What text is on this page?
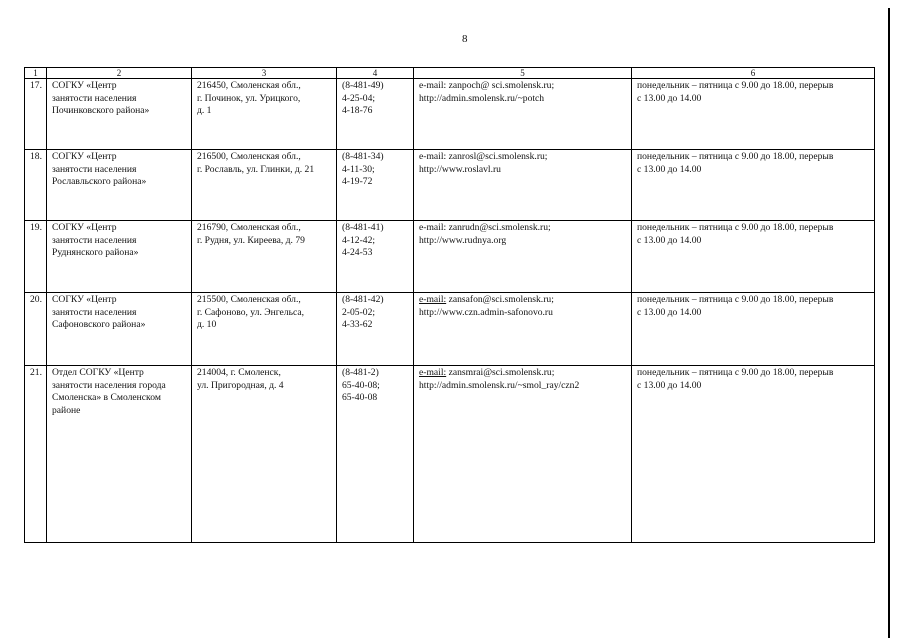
8
1	2	3	4	5	6
17.	СОГКУ «Центр
занятости населения
Починковского района»	216450, Смоленская обл.,
г. Починок, ул. Урицкого,
д. 1	(8-481-49)
4-25-04;
4-18-76	e-mail: zanpoch@ sci.smolensk.ru;
http://admin.smolensk.ru/~potch	понедельник – пятница с 9.00 до 18.00, перерыв
с 13.00 до 14.00

18.	СОГКУ «Центр
занятости населения
Рославльского района»	216500, Смоленская обл.,
г. Рославль, ул. Глинки, д. 21	(8-481-34)
4-11-30;
4-19-72	e-mail: zanrosl@sci.smolensk.ru;
http://www.roslavl.ru	понедельник – пятница с 9.00 до 18.00, перерыв
с 13.00 до 14.00

19.	СОГКУ «Центр
занятости населения
Руднянского района»	216790, Смоленская обл.,
г. Рудня, ул. Киреева, д. 79	(8-481-41)
4-12-42;
4-24-53	e-mail: zanrudn@sci.smolensk.ru;
http://www.rudnya.org	понедельник – пятница с 9.00 до 18.00, перерыв
с 13.00 до 14.00

20.	СОГКУ «Центр
занятости населения
Сафоновского района»	215500, Смоленская обл.,
г. Сафоново, ул. Энгельса,
д. 10	(8-481-42)
2-05-02;
4-33-62	e-mail: zansafon@sci.smolensk.ru;
http://www.czn.admin-safonovo.ru	понедельник – пятница с 9.00 до 18.00, перерыв
с 13.00 до 14.00

21.	Отдел СОГКУ «Центр
занятости населения города
Смоленска» в Смоленском
районе	214004, г. Смоленск,
ул. Пригородная, д. 4	(8-481-2)
65-40-08;
65-40-08	e-mail: zansmrai@sci.smolensk.ru;
http://admin.smolensk.ru/~smol_ray/czn2	понедельник – пятница с 9.00 до 18.00, перерыв
с 13.00 до 14.00
